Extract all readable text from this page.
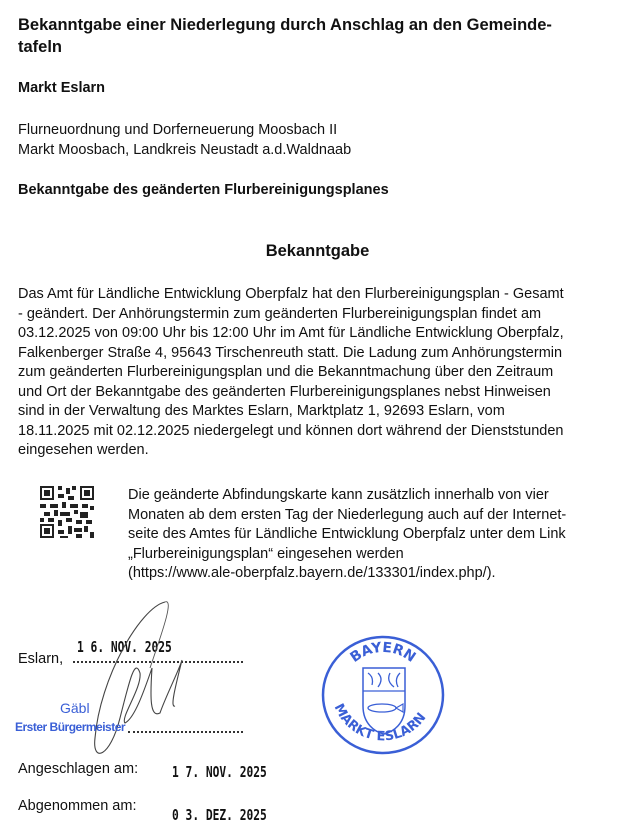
Bekanntgabe einer Niederlegung durch Anschlag an den Gemeinde-
tafeln
Markt Eslarn
Flurneuordnung und Dorferneuerung Moosbach II
Markt Moosbach, Landkreis Neustadt a.d.Waldnaab
Bekanntgabe des geänderten Flurbereinigungsplanes
Bekanntgabe
Das Amt für Ländliche Entwicklung Oberpfalz hat den Flurbereinigungsplan - Gesamt
- geändert. Der Anhörungstermin zum geänderten Flurbereinigungsplan findet am
03.12.2025 von 09:00 Uhr bis 12:00 Uhr im Amt für Ländliche Entwicklung Oberpfalz,
Falkenberger Straße 4, 95643 Tirschenreuth statt. Die Ladung zum Anhörungstermin
zum geänderten Flurbereinigungsplan und die Bekanntmachung über den Zeitraum
und Ort der Bekanntgabe des geänderten Flurbereinigungsplanes nebst Hinweisen
sind in der Verwaltung des Marktes Eslarn, Marktplatz 1, 92693 Eslarn, vom
18.11.2025 mit 02.12.2025 niedergelegt und können dort während der Dienststunden
eingesehen werden.
Die geänderte Abfindungskarte kann zusätzlich innerhalb von vier
Monaten ab dem ersten Tag der Niederlegung auch auf der Internet-
seite des Amtes für Ländliche Entwicklung Oberpfalz unter dem Link
„Flurbereinigungsplan“ eingesehen werden
(https://www.ale-oberpfalz.bayern.de/133301/index.php/).
Eslarn,
1 6. NOV. 2025
Gäbl
Erster Bürgermeister
Angeschlagen am: 1 7. NOV. 2025
Abgenommen am: 0 3. DEZ. 2025
BAYERN
MARKT ESLARN
